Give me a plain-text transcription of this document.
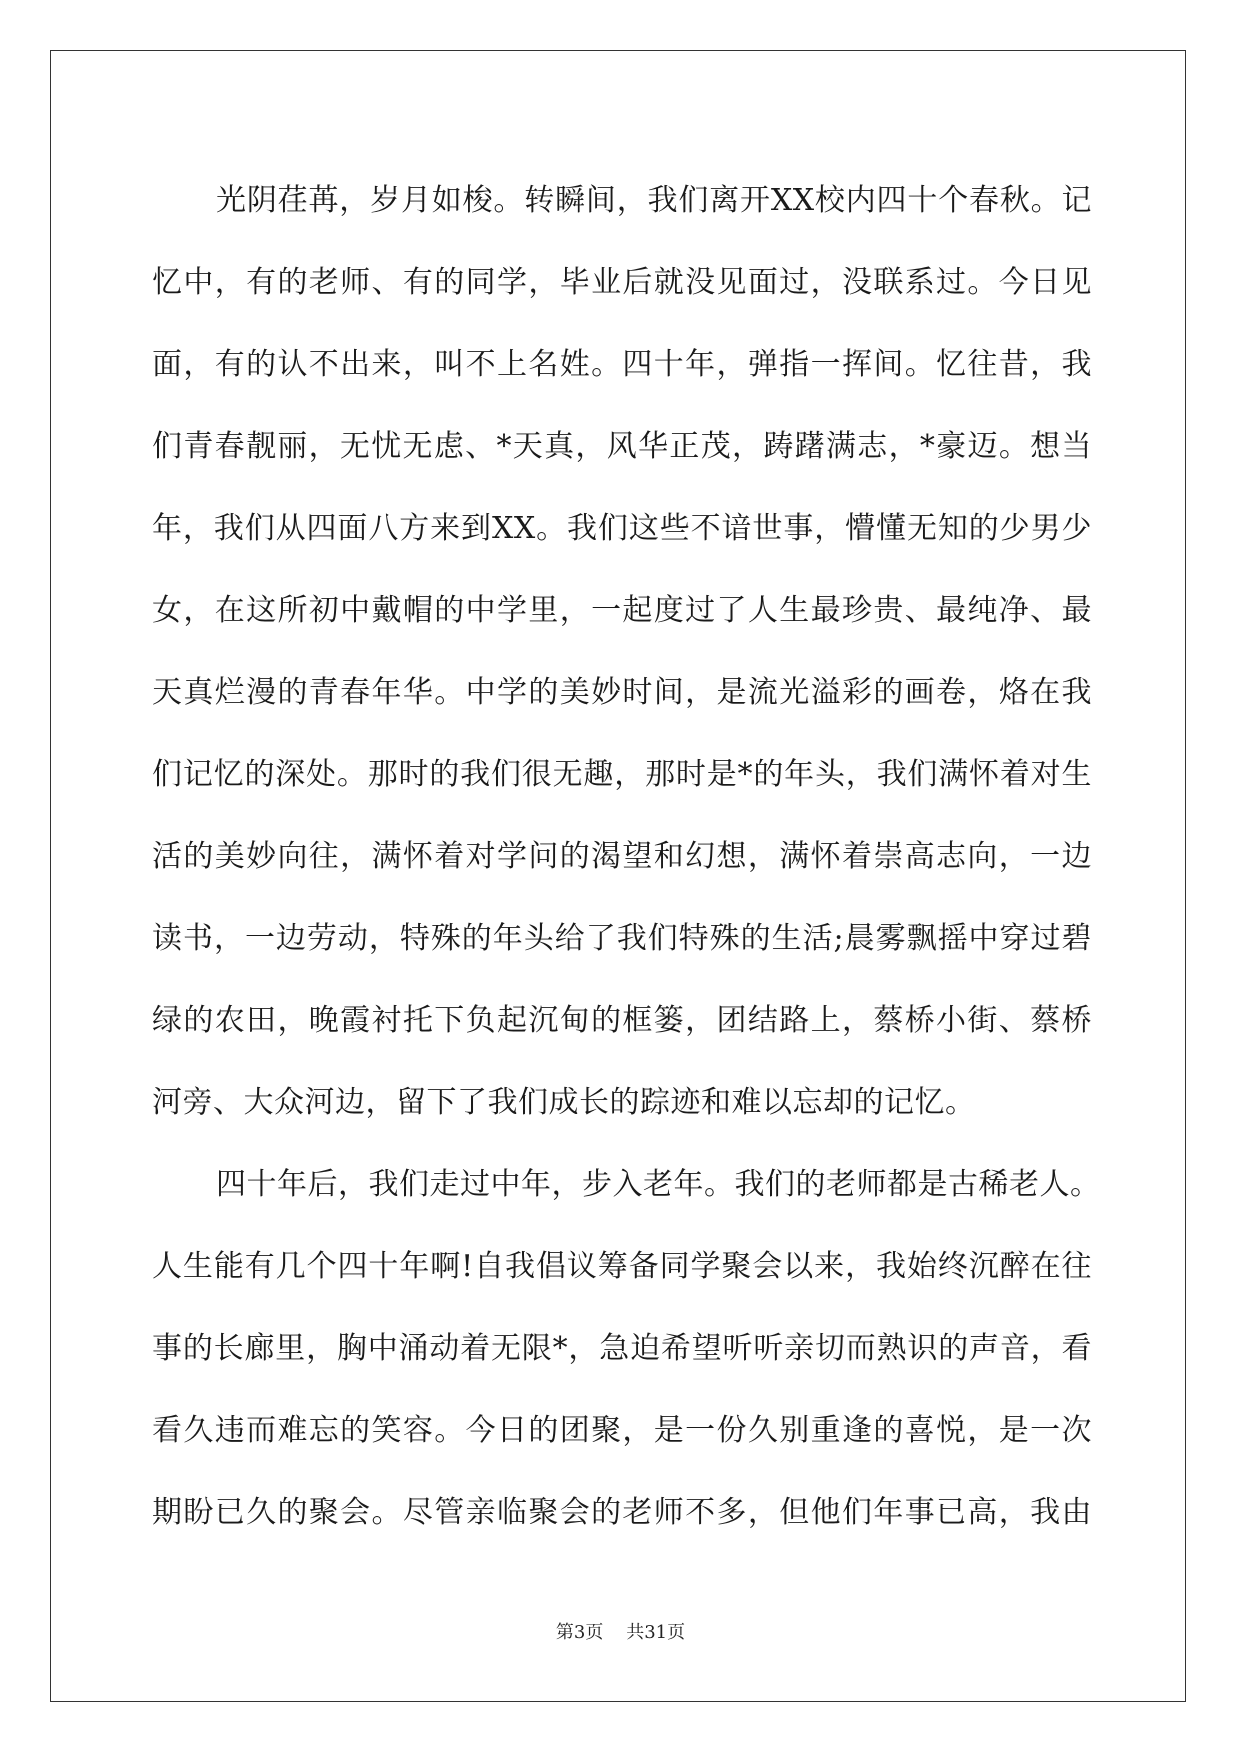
光阴荏苒，岁月如梭。转瞬间，我们离开XX校内四十个春秋。记
忆中，有的老师、有的同学，毕业后就没见面过，没联系过。今日见
面，有的认不出来，叫不上名姓。四十年，弹指一挥间。忆往昔，我
们青春靓丽，无忧无虑、*天真，风华正茂，踌躇满志，*豪迈。想当
年，我们从四面八方来到XX。我们这些不谙世事，懵懂无知的少男少
女，在这所初中戴帽的中学里，一起度过了人生最珍贵、最纯净、最
天真烂漫的青春年华。中学的美妙时间，是流光溢彩的画卷，烙在我
们记忆的深处。那时的我们很无趣，那时是*的年头，我们满怀着对生
活的美妙向往，满怀着对学问的渴望和幻想，满怀着崇高志向，一边
读书，一边劳动，特殊的年头给了我们特殊的生活;晨雾飘摇中穿过碧
绿的农田，晚霞衬托下负起沉甸的框篓，团结路上，蔡桥小街、蔡桥
河旁、大众河边，留下了我们成长的踪迹和难以忘却的记忆。
四十年后，我们走过中年，步入老年。我们的老师都是古稀老人。
人生能有几个四十年啊!自我倡议筹备同学聚会以来，我始终沉醉在往
事的长廊里，胸中涌动着无限*，急迫希望听听亲切而熟识的声音，看
看久违而难忘的笑容。今日的团聚，是一份久别重逢的喜悦，是一次
期盼已久的聚会。尽管亲临聚会的老师不多，但他们年事已高，我由
第3页 共31页
